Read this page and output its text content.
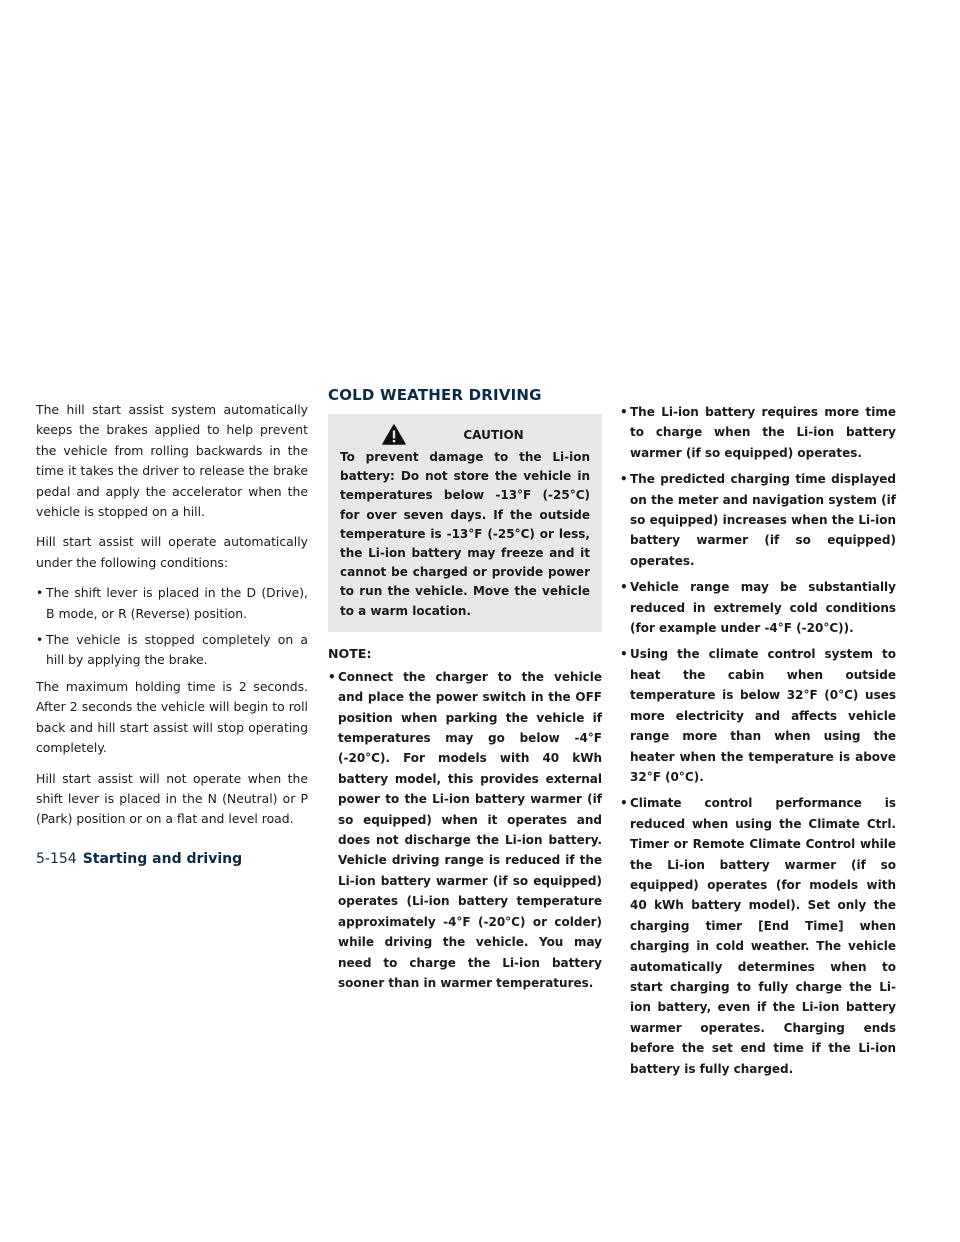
The hill start assist system automatically keeps the brakes applied to help prevent the vehicle from rolling backwards in the time it takes the driver to release the brake pedal and apply the accelerator when the vehicle is stopped on a hill.

Hill start assist will operate automatically under the following conditions:

• The shift lever is placed in the D (Drive), B mode, or R (Reverse) position.

• The vehicle is stopped completely on a hill by applying the brake.

The maximum holding time is 2 seconds. After 2 seconds the vehicle will begin to roll back and hill start assist will stop operating completely.

Hill start assist will not operate when the shift lever is placed in the N (Neutral) or P (Park) position or on a flat and level road.

COLD WEATHER DRIVING
CAUTION

To prevent damage to the Li-ion battery: Do not store the vehicle in temperatures below -13°F (-25°C) for over seven days. If the outside temperature is -13°F (-25°C) or less, the Li-ion battery may freeze and it cannot be charged or provide power to run the vehicle. Move the vehicle to a warm location.

NOTE:

• Connect the charger to the vehicle and place the power switch in the OFF position when parking the vehicle if temperatures may go below -4°F (-20°C). For models with 40 kWh battery model, this provides external power to the Li-ion battery warmer (if so equipped) when it operates and does not discharge the Li-ion battery. Vehicle driving range is reduced if the Li-ion battery warmer (if so equipped) operates (Li-ion battery temperature approximately -4°F (-20°C) or colder) while driving the vehicle. You may need to charge the Li-ion battery sooner than in warmer temperatures.

• The Li-ion battery requires more time to charge when the Li-ion battery warmer (if so equipped) operates.

• The predicted charging time displayed on the meter and navigation system (if so equipped) increases when the Li-ion battery warmer (if so equipped) operates.

• Vehicle range may be substantially reduced in extremely cold conditions (for example under -4°F (-20°C)).

• Using the climate control system to heat the cabin when outside temperature is below 32°F (0°C) uses more electricity and affects vehicle range more than when using the heater when the temperature is above 32°F (0°C).

• Climate control performance is reduced when using the Climate Ctrl. Timer or Remote Climate Control while the Li-ion battery warmer (if so equipped) operates (for models with 40 kWh battery model). Set only the charging timer [End Time] when charging in cold weather. The vehicle automatically determines when to start charging to fully charge the Li-ion battery, even if the Li-ion battery warmer operates. Charging ends before the set end time if the Li-ion battery is fully charged.

5-154 Starting and driving
